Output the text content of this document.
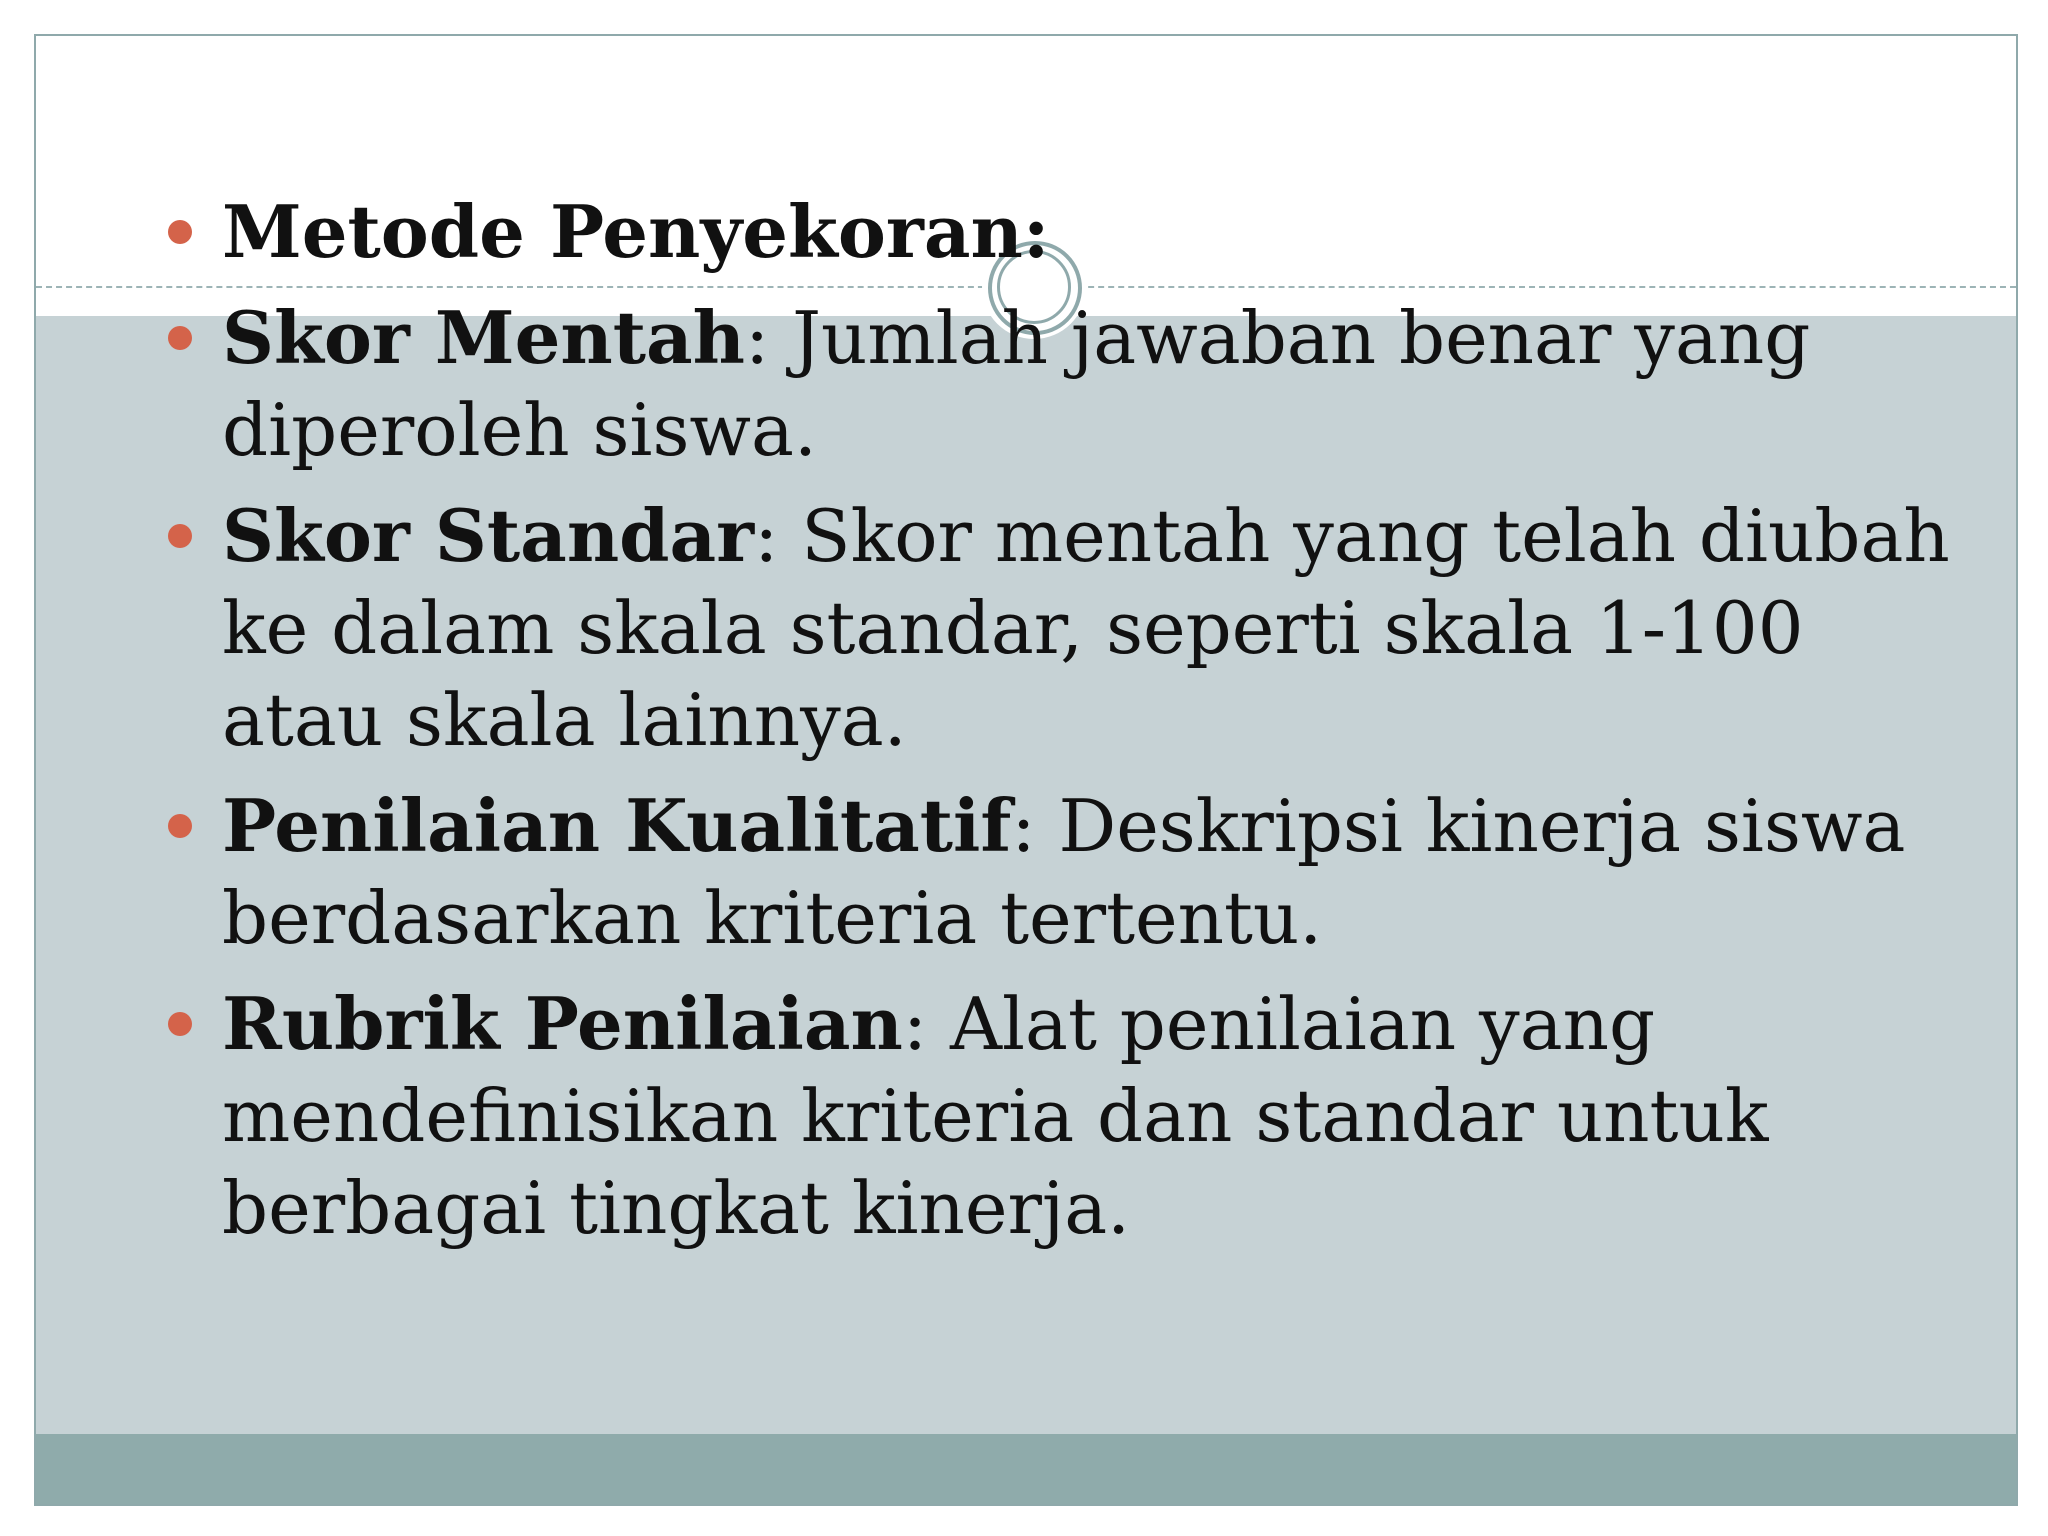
Metode Penyekoran:
Skor Mentah: Jumlah jawaban benar yang diperoleh siswa.
Skor Standar: Skor mentah yang telah diubah ke dalam skala standar, seperti skala 1-100 atau skala lainnya.
Penilaian Kualitatif: Deskripsi kinerja siswa berdasarkan kriteria tertentu.
Rubrik Penilaian: Alat penilaian yang mendefinisikan kriteria dan standar untuk berbagai tingkat kinerja.
